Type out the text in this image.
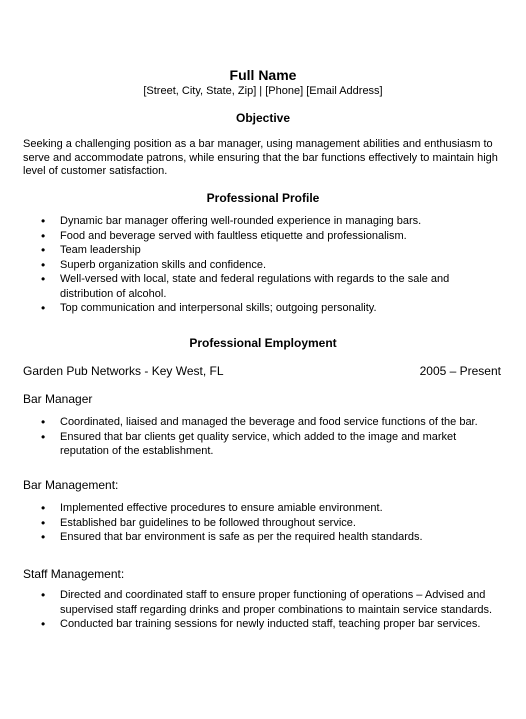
Full Name
[Street, City, State, Zip] | [Phone] [Email Address]
Objective
Seeking a challenging position as a bar manager, using management abilities and enthusiasm to serve and accommodate patrons, while ensuring that the bar functions effectively to maintain high level of customer satisfaction.
Professional Profile
• Dynamic bar manager offering well-rounded experience in managing bars.
• Food and beverage served with faultless etiquette and professionalism.
• Team leadership
• Superb organization skills and confidence.
• Well-versed with local, state and federal regulations with regards to the sale and distribution of alcohol.
• Top communication and interpersonal skills; outgoing personality.
Professional Employment
Garden Pub Networks - Key West, FL	2005 – Present
Bar Manager
• Coordinated, liaised and managed the beverage and food service functions of the bar.
• Ensured that bar clients get quality service, which added to the image and market reputation of the establishment.
Bar Management:
• Implemented effective procedures to ensure amiable environment.
• Established bar guidelines to be followed throughout service.
• Ensured that bar environment is safe as per the required health standards.
Staff Management:
• Directed and coordinated staff to ensure proper functioning of operations – Advised and supervised staff regarding drinks and proper combinations to maintain service standards.
• Conducted bar training sessions for newly inducted staff, teaching proper bar services.
